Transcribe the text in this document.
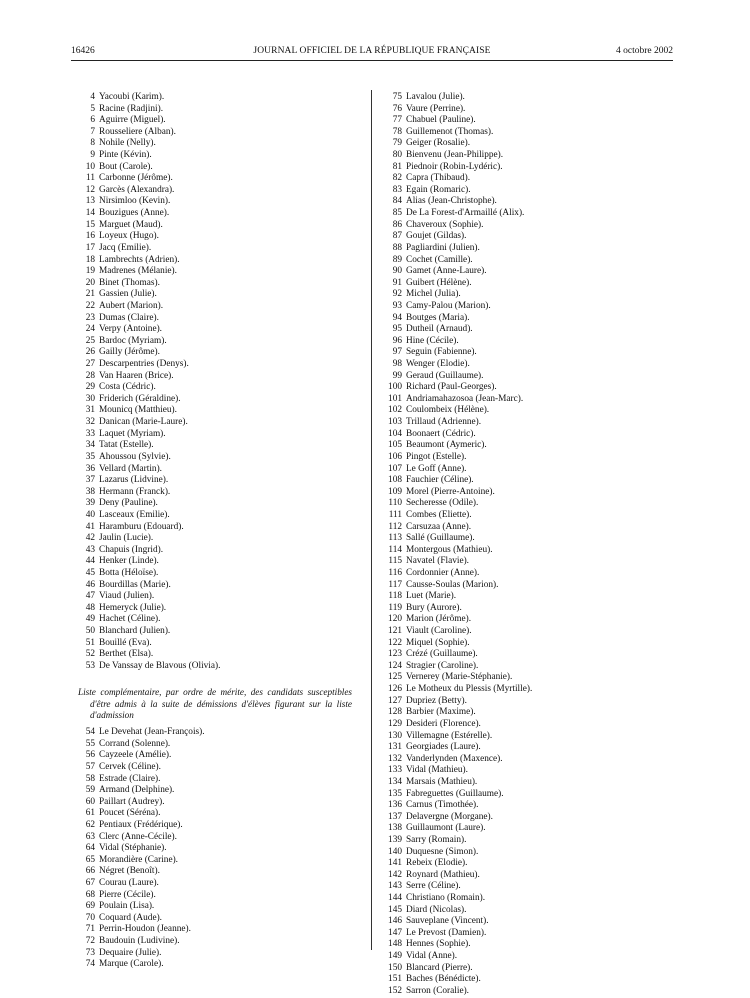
16426	JOURNAL OFFICIEL DE LA RÉPUBLIQUE FRANÇAISE	4 octobre 2002
4 Yacoubi (Karim).
5 Racine (Radjini).
6 Aguirre (Miguel).
7 Rousseliere (Alban).
8 Nohile (Nelly).
9 Pinte (Kévin).
10 Bout (Carole).
11 Carbonne (Jérôme).
12 Garcès (Alexandra).
13 Nirsimloo (Kevin).
14 Bouzigues (Anne).
15 Marguet (Maud).
16 Loyeux (Hugo).
17 Jacq (Emilie).
18 Lambrechts (Adrien).
19 Madrenes (Mélanie).
20 Binet (Thomas).
21 Gassien (Julie).
22 Aubert (Marion).
23 Dumas (Claire).
24 Verpy (Antoine).
25 Bardoc (Myriam).
26 Gailly (Jérôme).
27 Descarpentries (Denys).
28 Van Haaren (Brice).
29 Costa (Cédric).
30 Friderich (Géraldine).
31 Mounicq (Matthieu).
32 Danican (Marie-Laure).
33 Laquet (Myriam).
34 Tatat (Estelle).
35 Ahoussou (Sylvie).
36 Vellard (Martin).
37 Lazarus (Lidvine).
38 Hermann (Franck).
39 Deny (Pauline).
40 Lasceaux (Emilie).
41 Haramburu (Edouard).
42 Jaulin (Lucie).
43 Chapuis (Ingrid).
44 Henker (Linde).
45 Botta (Héloïse).
46 Bourdillas (Marie).
47 Viaud (Julien).
48 Hemeryck (Julie).
49 Hachet (Céline).
50 Blanchard (Julien).
51 Bouillé (Eva).
52 Berthet (Elsa).
53 De Vanssay de Blavous (Olivia).
Liste complémentaire, par ordre de mérite, des candidats susceptibles d'être admis à la suite de démissions d'élèves figurant sur la liste d'admission
54 Le Devehat (Jean-François).
55 Corrand (Solenne).
56 Cayzeele (Amélie).
57 Cervek (Céline).
58 Estrade (Claire).
59 Armand (Delphine).
60 Paillart (Audrey).
61 Poucet (Séréna).
62 Pentiaux (Frédérique).
63 Clerc (Anne-Cécile).
64 Vidal (Stéphanie).
65 Morandière (Carine).
66 Négret (Benoît).
67 Courau (Laure).
68 Pierre (Cécile).
69 Poulain (Lisa).
70 Coquard (Aude).
71 Perrin-Houdon (Jeanne).
72 Baudouin (Ludivine).
73 Dequaire (Julie).
74 Marque (Carole).
75 Lavalou (Julie).
76 Vaure (Perrine).
77 Chabuel (Pauline).
78 Guillemenot (Thomas).
79 Geiger (Rosalie).
80 Bienvenu (Jean-Philippe).
81 Piednoir (Robin-Lydéric).
82 Capra (Thibaud).
83 Egain (Romaric).
84 Alias (Jean-Christophe).
85 De La Forest-d'Armaillé (Alix).
86 Chaveroux (Sophie).
87 Goujet (Gildas).
88 Pagliardini (Julien).
89 Cochet (Camille).
90 Gamet (Anne-Laure).
91 Guibert (Hélène).
92 Michel (Julia).
93 Camy-Palou (Marion).
94 Boutges (Maria).
95 Dutheil (Arnaud).
96 Hine (Cécile).
97 Seguin (Fabienne).
98 Wenger (Elodie).
99 Geraud (Guillaume).
100 Richard (Paul-Georges).
101 Andriamahazosoa (Jean-Marc).
102 Coulombeix (Hélène).
103 Trillaud (Adrienne).
104 Boonaert (Cédric).
105 Beaumont (Aymeric).
106 Pingot (Estelle).
107 Le Goff (Anne).
108 Fauchier (Céline).
109 Morel (Pierre-Antoine).
110 Secheresse (Odile).
111 Combes (Eliette).
112 Carsuzaa (Anne).
113 Sallé (Guillaume).
114 Montergous (Mathieu).
115 Navatel (Flavie).
116 Cordonnier (Anne).
117 Causse-Soulas (Marion).
118 Luet (Marie).
119 Bury (Aurore).
120 Marion (Jérôme).
121 Viault (Caroline).
122 Miquel (Sophie).
123 Crézé (Guillaume).
124 Stragier (Caroline).
125 Vernerey (Marie-Stéphanie).
126 Le Motheux du Plessis (Myrtille).
127 Dupriez (Betty).
128 Barbier (Maxime).
129 Desideri (Florence).
130 Villemagne (Estérelle).
131 Georgiades (Laure).
132 Vanderlynden (Maxence).
133 Vidal (Mathieu).
134 Marsais (Mathieu).
135 Fabreguettes (Guillaume).
136 Carnus (Timothée).
137 Delavergne (Morgane).
138 Guillaumont (Laure).
139 Sarry (Romain).
140 Duquesne (Simon).
141 Rebeix (Elodie).
142 Roynard (Mathieu).
143 Serre (Céline).
144 Christiano (Romain).
145 Diard (Nicolas).
146 Sauveplane (Vincent).
147 Le Prevost (Damien).
148 Hennes (Sophie).
149 Vidal (Anne).
150 Blancard (Pierre).
151 Baches (Bénédicte).
152 Sarron (Coralie).
